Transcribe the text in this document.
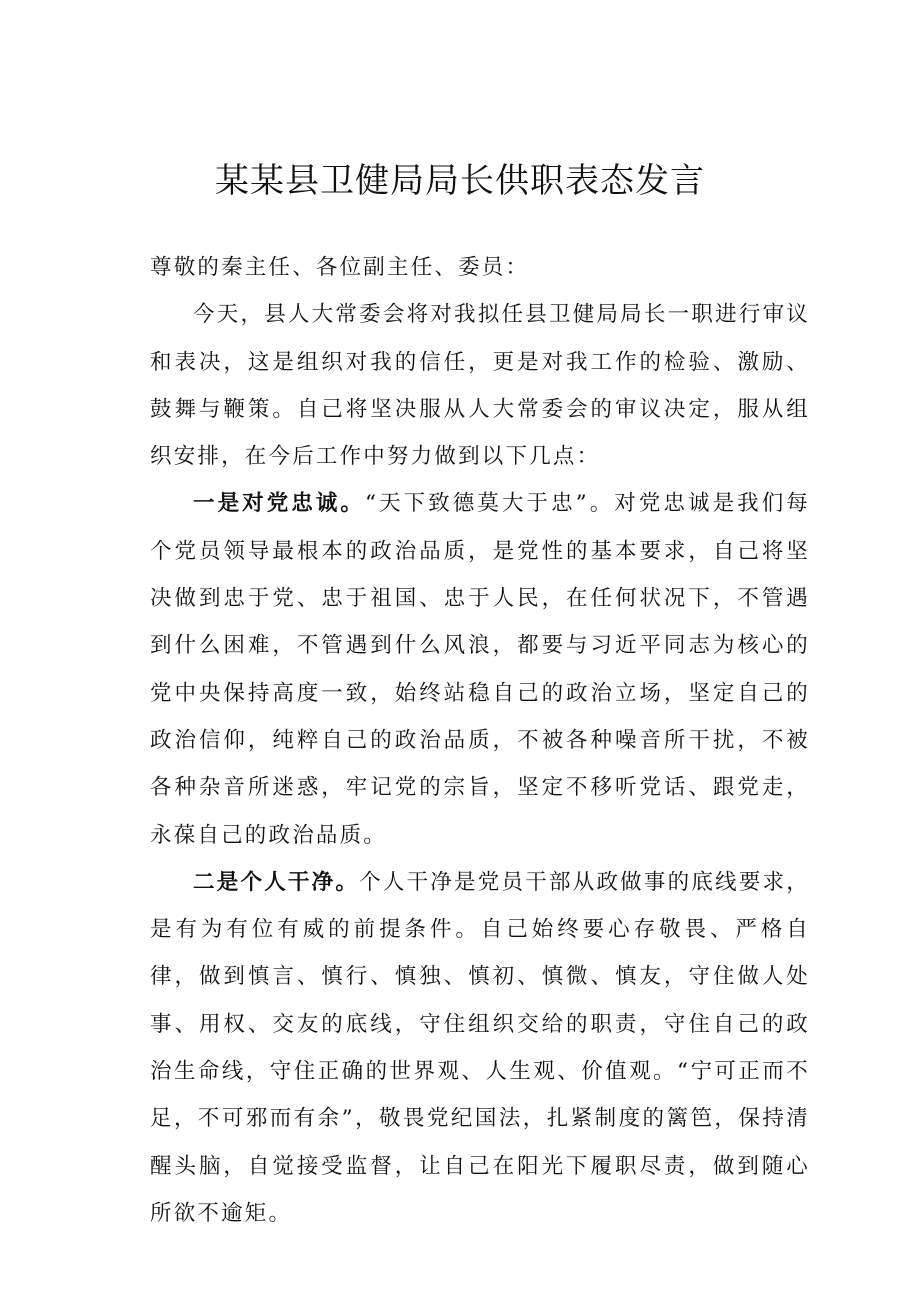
某某县卫健局局长供职表态发言

尊敬的秦主任、各位副主任、委员：

今天，县人大常委会将对我拟任县卫健局局长一职进行审议和表决，这是组织对我的信任，更是对我工作的检验、激励、鼓舞与鞭策。自己将坚决服从人大常委会的审议决定，服从组织安排，在今后工作中努力做到以下几点：

一是对党忠诚。“天下致德莫大于忠”。对党忠诚是我们每个党员领导最根本的政治品质，是党性的基本要求，自己将坚决做到忠于党、忠于祖国、忠于人民，在任何状况下，不管遇到什么困难，不管遇到什么风浪，都要与习近平同志为核心的党中央保持高度一致，始终站稳自己的政治立场，坚定自己的政治信仰，纯粹自己的政治品质，不被各种噪音所干扰，不被各种杂音所迷惑，牢记党的宗旨，坚定不移听党话、跟党走，永葆自己的政治品质。

二是个人干净。个人干净是党员干部从政做事的底线要求，是有为有位有威的前提条件。自己始终要心存敬畏、严格自律，做到慎言、慎行、慎独、慎初、慎微、慎友，守住做人处事、用权、交友的底线，守住组织交给的职责，守住自己的政治生命线，守住正确的世界观、人生观、价值观。“宁可正而不足，不可邪而有余”，敬畏党纪国法，扎紧制度的篱笆，保持清醒头脑，自觉接受监督，让自己在阳光下履职尽责，做到随心所欲不逾矩。
